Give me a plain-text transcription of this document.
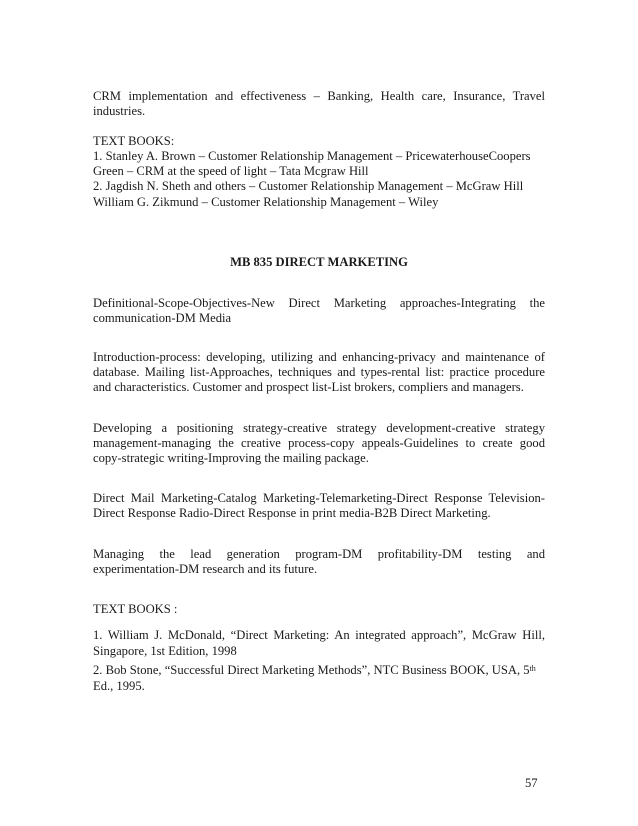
CRM implementation and effectiveness – Banking, Health care, Insurance, Travel industries.
TEXT BOOKS:
1. Stanley A. Brown – Customer Relationship Management – PricewaterhouseCoopers
Green – CRM at the speed of light – Tata Mcgraw Hill
2. Jagdish N. Sheth and others – Customer Relationship Management – McGraw Hill
William G. Zikmund – Customer Relationship Management – Wiley
MB 835 DIRECT MARKETING
Definitional-Scope-Objectives-New Direct Marketing approaches-Integrating the communication-DM Media
Introduction-process: developing, utilizing and enhancing-privacy and maintenance of database. Mailing list-Approaches, techniques and types-rental list: practice procedure and characteristics. Customer and prospect list-List brokers, compliers and managers.
Developing a positioning strategy-creative strategy development-creative strategy management-managing the creative process-copy appeals-Guidelines to create good copy-strategic writing-Improving the mailing package.
Direct Mail Marketing-Catalog Marketing-Telemarketing-Direct Response Television-Direct Response Radio-Direct Response in print media-B2B Direct Marketing.
Managing the lead generation program-DM profitability-DM testing and experimentation-DM research and its future.
TEXT BOOKS :
1. William J. McDonald, “Direct Marketing: An integrated approach”, McGraw Hill, Singapore, 1st Edition, 1998
2. Bob Stone, “Successful Direct Marketing Methods”, NTC Business BOOK, USA, 5th
Ed., 1995.
57
